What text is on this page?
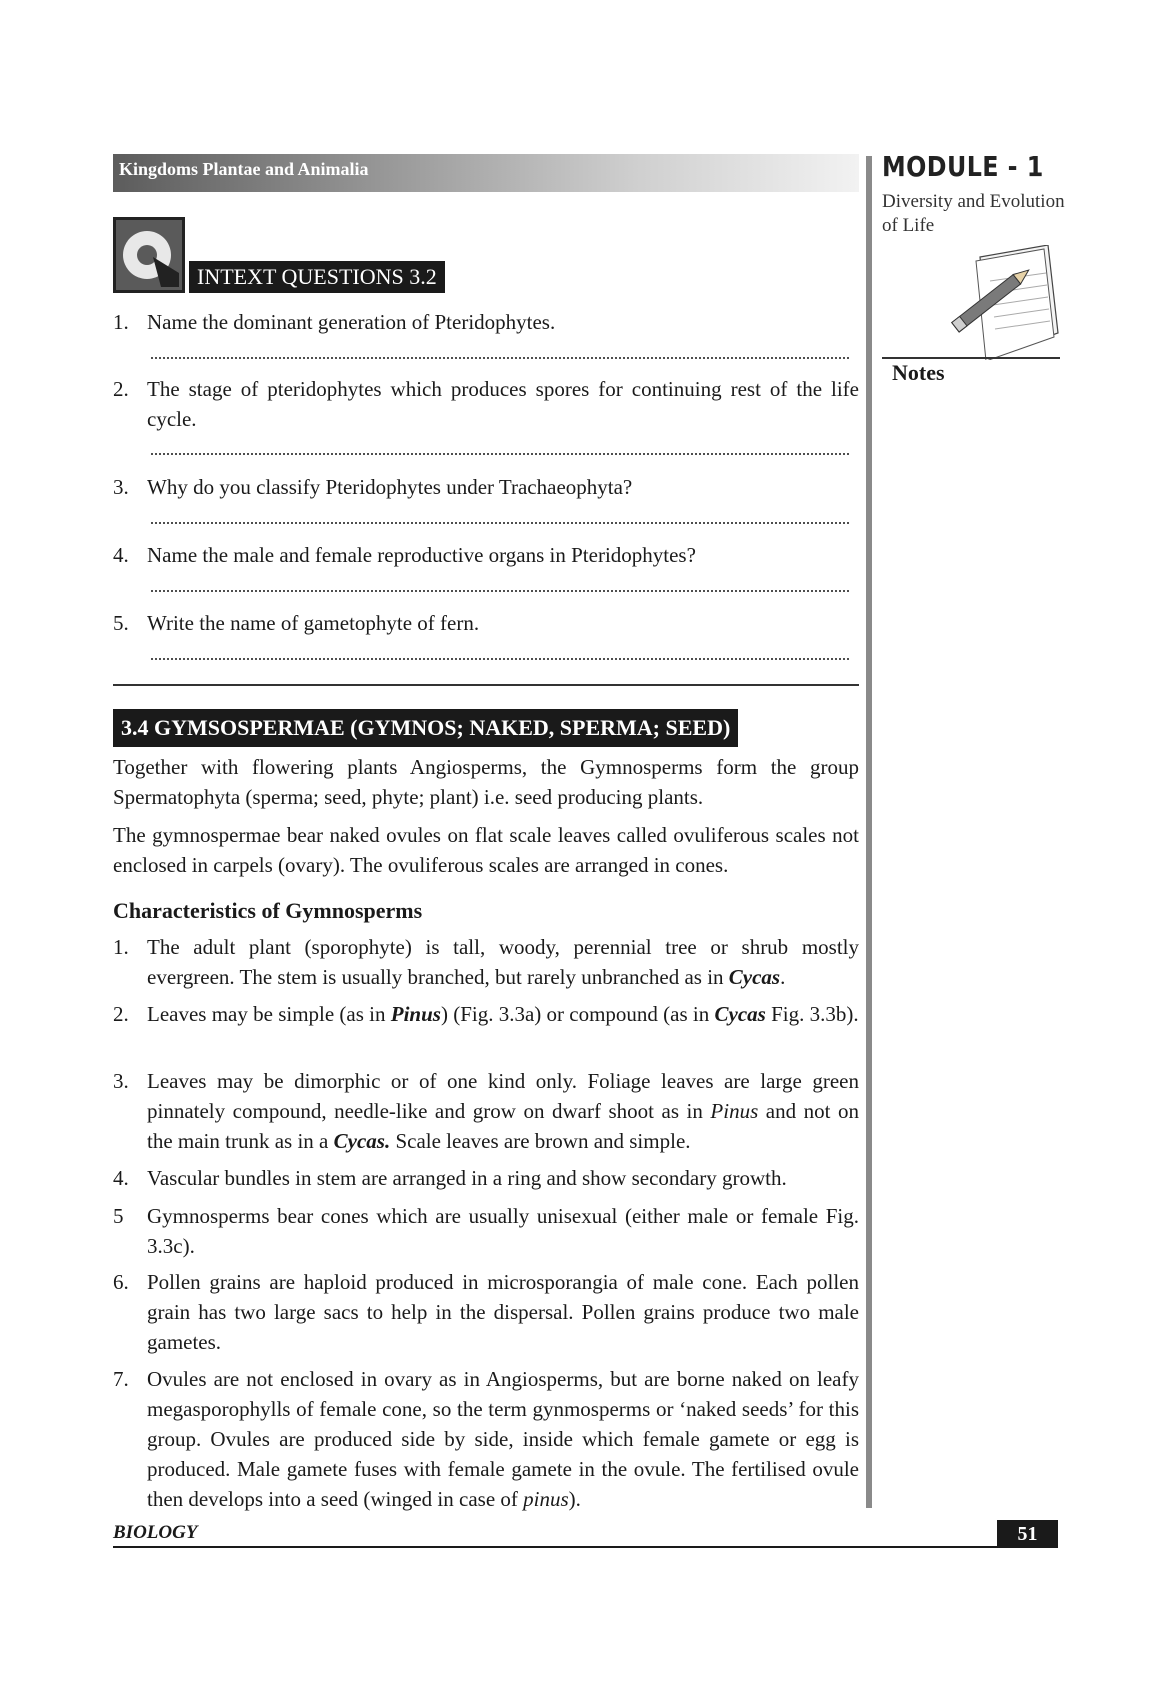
Kingdoms Plantae and Animalia	MODULE - 1
Diversity and Evolution of Life
Notes
INTEXT QUESTIONS 3.2
1. Name the dominant generation of Pteridophytes.
2. The stage of pteridophytes which produces spores for continuing rest of the life cycle.
3. Why do you classify Pteridophytes under Trachaeophyta?
4. Name the male and female reproductive organs in Pteridophytes?
5. Write the name of gametophyte of fern.
3.4 GYMSOSPERMAE (GYMNOS; NAKED, SPERMA; SEED)
Together with flowering plants Angiosperms, the Gymnosperms form the group Spermatophyta (sperma; seed, phyte; plant) i.e. seed producing plants.
The gymnospermae bear naked ovules on flat scale leaves called ovuliferous scales not enclosed in carpels (ovary). The ovuliferous scales are arranged in cones.
Characteristics of Gymnosperms
1. The adult plant (sporophyte) is tall, woody, perennial tree or shrub mostly evergreen. The stem is usually branched, but rarely unbranched as in Cycas.
2. Leaves may be simple (as in Pinus) (Fig. 3.3a) or compound (as in Cycas Fig. 3.3b).
3. Leaves may be dimorphic or of one kind only. Foliage leaves are large green pinnately compound, needle-like and grow on dwarf shoot as in Pinus and not on the main trunk as in a Cycas. Scale leaves are brown and simple.
4. Vascular bundles in stem are arranged in a ring and show secondary growth.
5 Gymnosperms bear cones which are usually unisexual (either male or female Fig. 3.3c).
6. Pollen grains are haploid produced in microsporangia of male cone. Each pollen grain has two large sacs to help in the dispersal. Pollen grains produce two male gametes.
7. Ovules are not enclosed in ovary as in Angiosperms, but are borne naked on leafy megasporophylls of female cone, so the term gynmosperms or ‘naked seeds’ for this group. Ovules are produced side by side, inside which female gamete or egg is produced. Male gamete fuses with female gamete in the ovule. The fertilised ovule then develops into a seed (winged in case of pinus).
BIOLOGY	51
